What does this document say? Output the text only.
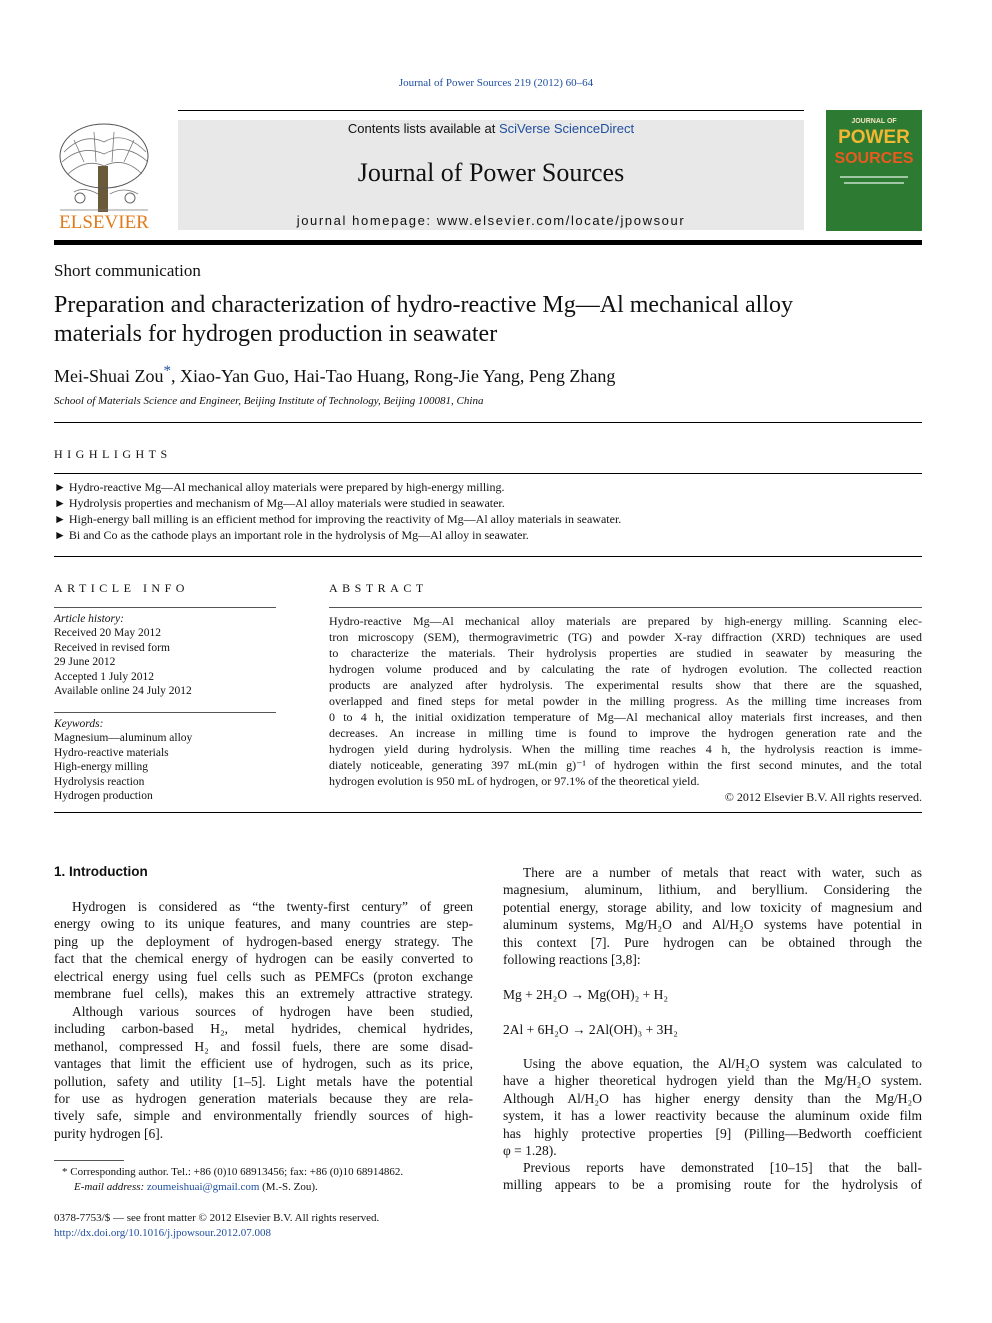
Journal of Power Sources 219 (2012) 60–64
ELSEVIER
Contents lists available at SciVerse ScienceDirect
Journal of Power Sources
journal homepage: www.elsevier.com/locate/jpowsour
JOURNAL OF
POWER
SOURCES
Short communication
Preparation and characterization of hydro-reactive Mg—Al mechanical alloy
materials for hydrogen production in seawater
Mei-Shuai Zou*, Xiao-Yan Guo, Hai-Tao Huang, Rong-Jie Yang, Peng Zhang
School of Materials Science and Engineer, Beijing Institute of Technology, Beijing 100081, China
HIGHLIGHTS
► Hydro-reactive Mg—Al mechanical alloy materials were prepared by high-energy milling.
► Hydrolysis properties and mechanism of Mg—Al alloy materials were studied in seawater.
► High-energy ball milling is an efficient method for improving the reactivity of Mg—Al alloy materials in seawater.
► Bi and Co as the cathode plays an important role in the hydrolysis of Mg—Al alloy in seawater.
ARTICLE INFO
Article history:
Received 20 May 2012
Received in revised form
29 June 2012
Accepted 1 July 2012
Available online 24 July 2012
Keywords:
Magnesium—aluminum alloy
Hydro-reactive materials
High-energy milling
Hydrolysis reaction
Hydrogen production
ABSTRACT
Hydro-reactive Mg—Al mechanical alloy materials are prepared by high-energy milling. Scanning elec-
tron microscopy (SEM), thermogravimetric (TG) and powder X-ray diffraction (XRD) techniques are used
to characterize the materials. Their hydrolysis properties are studied in seawater by measuring the
hydrogen volume produced and by calculating the rate of hydrogen evolution. The collected reaction
products are analyzed after hydrolysis. The experimental results show that there are the squashed,
overlapped and fined steps for metal powder in the milling progress. As the milling time increases from
0 to 4 h, the initial oxidization temperature of Mg—Al mechanical alloy materials first increases, and then
decreases. An increase in milling time is found to improve the hydrogen generation rate and the
hydrogen yield during hydrolysis. When the milling time reaches 4 h, the hydrolysis reaction is imme-
diately noticeable, generating 397 mL(min g)⁻¹ of hydrogen within the first second minutes, and the total
hydrogen evolution is 950 mL of hydrogen, or 97.1% of the theoretical yield.
© 2012 Elsevier B.V. All rights reserved.
1. Introduction
Hydrogen is considered as “the twenty-first century” of green
energy owing to its unique features, and many countries are step-
ping up the deployment of hydrogen-based energy strategy. The
fact that the chemical energy of hydrogen can be easily converted to
electrical energy using fuel cells such as PEMFCs (proton exchange
membrane fuel cells), makes this an extremely attractive strategy.
Although various sources of hydrogen have been studied,
including carbon-based H₂, metal hydrides, chemical hydrides,
methanol, compressed H₂ and fossil fuels, there are some disad-
vantages that limit the efficient use of hydrogen, such as its price,
pollution, safety and utility [1–5]. Light metals have the potential
for use as hydrogen generation materials because they are rela-
tively safe, simple and environmentally friendly sources of high-
purity hydrogen [6].
* Corresponding author. Tel.: +86 (0)10 68913456; fax: +86 (0)10 68914862.
E-mail address: zoumeishuai@gmail.com (M.-S. Zou).
0378-7753/$ — see front matter © 2012 Elsevier B.V. All rights reserved.
http://dx.doi.org/10.1016/j.jpowsour.2012.07.008
There are a number of metals that react with water, such as
magnesium, aluminum, lithium, and beryllium. Considering the
potential energy, storage ability, and low toxicity of magnesium and
aluminum systems, Mg/H₂O and Al/H₂O systems have potential in
this context [7]. Pure hydrogen can be obtained through the
following reactions [3,8]:
Mg + 2H₂O → Mg(OH)₂ + H₂
2Al + 6H₂O → 2Al(OH)₃ + 3H₂
Using the above equation, the Al/H₂O system was calculated to
have a higher theoretical hydrogen yield than the Mg/H₂O system.
Although Al/H₂O has higher energy density than the Mg/H₂O
system, it has a lower reactivity because the aluminum oxide film
has highly protective properties [9] (Pilling—Bedworth coefficient
φ = 1.28).
Previous reports have demonstrated [10–15] that the ball-
milling appears to be a promising route for the hydrolysis of
